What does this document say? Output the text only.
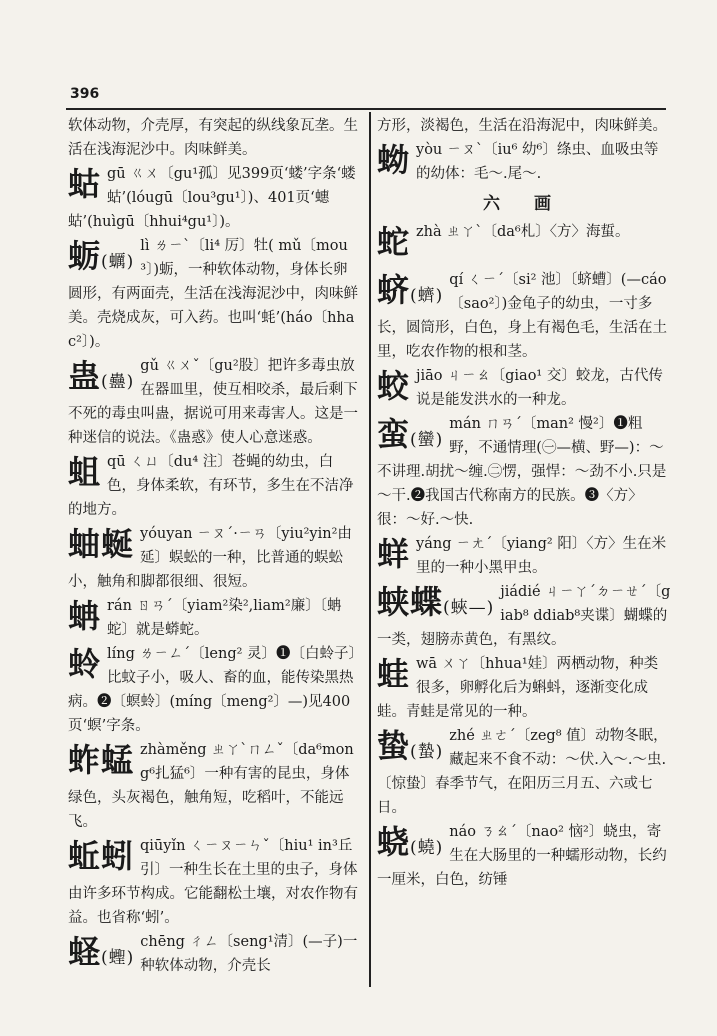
396

软体动物，介壳厚，有突起的纵线象瓦垄。生活在浅海泥沙中。肉味鲜美。

蛄 gū ㄍㄨ〔gu¹孤〕见399页‘蝼’字条‘蝼蛄’(lóugū〔lou³gu¹〕)、401页‘蟪蛄’(huìgū〔hhui⁴gu¹〕)。

蛎(蠣)

lì ㄌㄧˋ〔li⁴ 厉〕牡( mǔ〔mou³〕)蛎，一种软体动物，身体长卵圆形，有两面壳，生活在浅海泥沙中，肉味鲜美。壳烧成灰，可入药。也叫‘蚝’(háo〔hhac²〕)。

蛊(蠱)

gǔ ㄍㄨˇ〔gu²股〕把许多毒虫放在器皿里，使互相咬杀，最后剩下不死的毒虫叫蛊，据说可用来毒害人。这是一种迷信的说法。《蛊惑》使人心意迷惑。

蛆 qū ㄑㄩ〔du⁴ 注〕苍蝇的幼虫，白色，身体柔软，有环节，多生在不洁净的地方。

蚰蜒 yóuyan ㄧㄡˊ·ㄧㄢ〔yiu²yin²由 延〕蜈蚣的一种，比普通的蜈蚣小，触角和脚都很细、很短。

蚺 rán ㄖㄢˊ〔yiam²染²,liam²廉〕〔蚺蛇〕就是蟒蛇。

蛉 líng ㄌㄧㄥˊ〔leng² 灵〕❶〔白蛉子〕比蚊子小，吸人、畜的血，能传染黑热病。❷〔螟蛉〕(míng〔meng²〕—)见400页‘螟’字条。

蚱蜢 zhàměng ㄓㄚˋㄇㄥˇ〔da⁶mong⁶扎猛⁶〕一种有害的昆虫，身体绿色，头灰褐色，触角短，吃稻叶，不能远飞。

蚯蚓 qiūyǐn ㄑㄧㄡㄧㄣˇ〔hiu¹ in³丘引〕一种生长在土里的虫子，身体由许多环节构成。它能翻松土壤，对农作物有益。也省称‘蚓’。

蛏(蟶)

chēng ㄔㄥ〔seng¹清〕(—子)一种软体动物，介壳长

方形，淡褐色，生活在沿海泥中，肉味鲜美。

蚴 yòu ㄧㄡˋ〔iu⁶ 幼⁶〕绦虫、血吸虫等的幼体：毛～.尾～.

六 画
蛇 zhà ㄓㄚˋ〔da⁶札〕〈方〉海蜇。

蛴(蠐)

qí ㄑㄧˊ〔si² 池〕〔蛴螬〕(—cáo〔sao²〕)金龟子的幼虫，一寸多长，圆筒形，白色，身上有褐色毛，生活在土里，吃农作物的根和茎。

蛟 jiāo ㄐㄧㄠ〔giao¹ 交〕蛟龙，古代传说是能发洪水的一种龙。

蛮(蠻)

mán ㄇㄢˊ〔man² 慢²〕❶粗野，不通情理(㊀—横、野—)：～不讲理.胡扰～缠.㊁愣，强悍：～劲不小.只是～干.❷我国古代称南方的民族。❸〈方〉很：～好.～快.

蛘 yáng ㄧㄤˊ〔yiang² 阳〕〈方〉生在米里的一种小黑甲虫。

蛱蝶(蛺—)

jiádié ㄐㄧㄚˊㄉㄧㄝˊ〔giab⁸ ddiab⁸夹谍〕蝴蝶的一类，翅膀赤黄色，有黑纹。

蛙 wā ㄨㄚ〔hhua¹娃〕两栖动物，种类很多，卵孵化后为蝌蚪，逐渐变化成蛙。青蛙是常见的一种。

蛰(蟄)

zhé ㄓㄜˊ〔zeg⁸ 值〕动物冬眠，藏起来不食不动：～伏.入～.～虫.〔惊蛰〕春季节气，在阳历三月五、六或七日。

蛲(蟯)

náo ㄋㄠˊ〔nao² 恼²〕蛲虫，寄生在大肠里的一种蠕形动物，长约一厘米，白色，纺锤
